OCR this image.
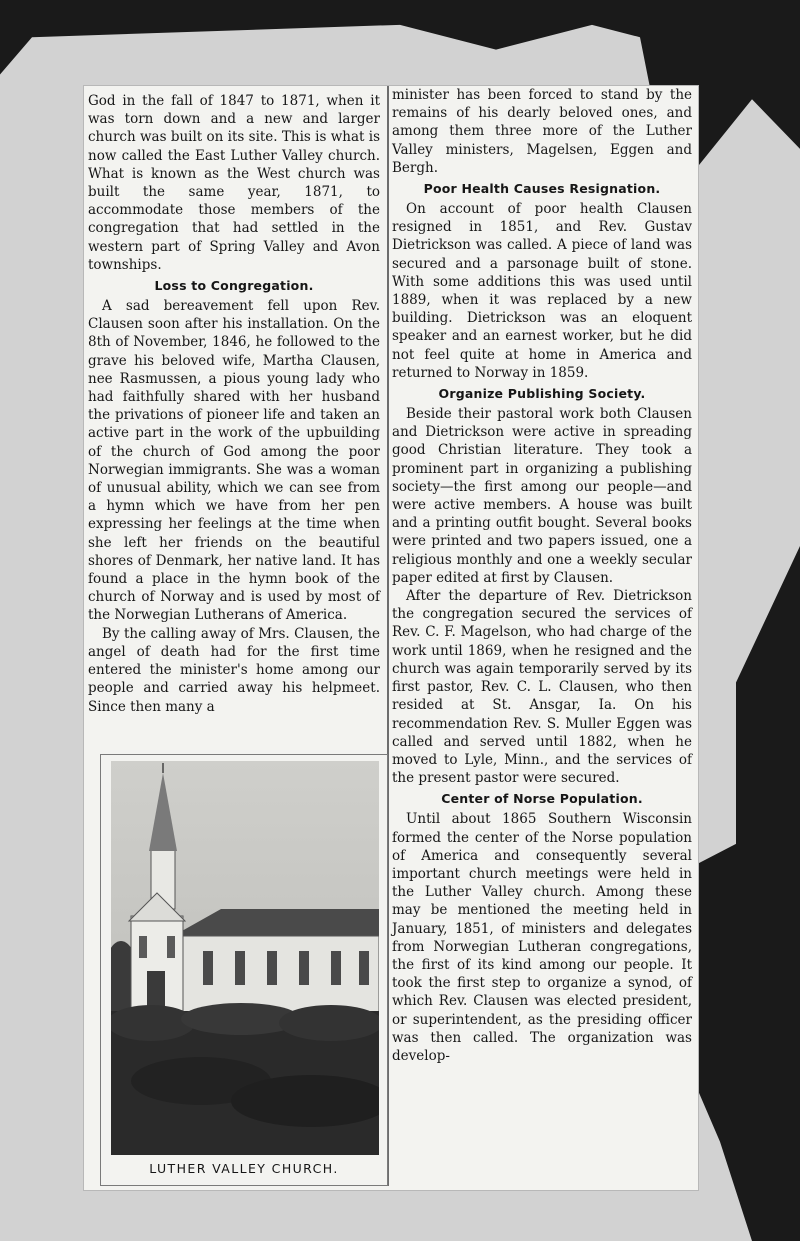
God in the fall of 1847 to 1871, when it was torn down and a new and larger church was built on its site. This is what is now called the East Luther Valley church. What is known as the West church was built the same year, 1871, to accommodate those members of the congregation that had settled in the western part of Spring Valley and Avon townships.

Loss to Congregation.

A sad bereavement fell upon Rev. Clausen soon after his installation. On the 8th of November, 1846, he followed to the grave his beloved wife, Martha Clausen, nee Rasmussen, a pious young lady who had faithfully shared with her husband the privations of pioneer life and taken an active part in the work of the upbuilding of the church of God among the poor Norwegian immigrants. She was a woman of unusual ability, which we can see from a hymn which we have from her pen expressing her feelings at the time when she left her friends on the beautiful shores of Denmark, her native land. It has found a place in the hymn book of the church of Norway and is used by most of the Norwegian Lutherans of America.

By the calling away of Mrs. Clausen, the angel of death had for the first time entered the minister's home among our people and carried away his helpmeet. Since then many a

minister has been forced to stand by the remains of his dearly beloved ones, and among them three more of the Luther Valley ministers, Magelsen, Eggen and Bergh.

Poor Health Causes Resignation.

On account of poor health Clausen resigned in 1851, and Rev. Gustav Dietrickson was called. A piece of land was secured and a parsonage built of stone. With some additions this was used until 1889, when it was replaced by a new building. Dietrickson was an eloquent speaker and an earnest worker, but he did not feel quite at home in America and returned to Norway in 1859.

Organize Publishing Society.

Beside their pastoral work both Clausen and Dietrickson were active in spreading good Christian literature. They took a prominent part in organizing a publishing society—the first among our people—and were active members. A house was built and a printing outfit bought. Several books were printed and two papers issued, one a religious monthly and one a weekly secular paper edited at first by Clausen.

After the departure of Rev. Dietrickson the congregation secured the services of Rev. C. F. Magelson, who had charge of the work until 1869, when he resigned and the church was again temporarily served by its first pastor, Rev. C. L. Clausen, who then resided at St. Ansgar, Ia. On his recommendation Rev. S. Muller Eggen was called and served until 1882, when he moved to Lyle, Minn., and the services of the present pastor were secured.

Center of Norse Population.

Until about 1865 Southern Wisconsin formed the center of the Norse population of America and consequently several important church meetings were held in the Luther Valley church. Among these may be mentioned the meeting held in January, 1851, of ministers and delegates from Norwegian Lutheran congregations, the first of its kind among our people. It took the first step to organize a synod, of which Rev. Clausen was elected president, or superintendent, as the presiding officer was then called. The organization was develop-

LUTHER VALLEY CHURCH.
